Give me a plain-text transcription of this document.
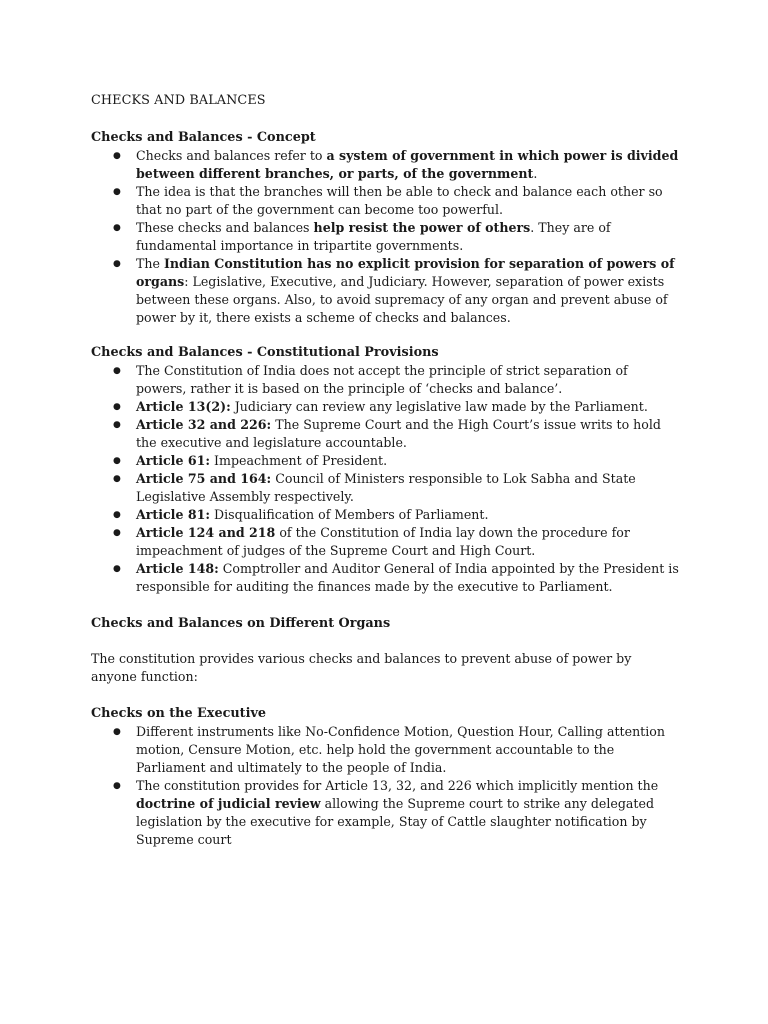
CHECKS AND BALANCES
Checks and Balances - Concept
● Checks and balances refer to a system of government in which power is divided between different branches, or parts, of the government.
● The idea is that the branches will then be able to check and balance each other so that no part of the government can become too powerful.
● These checks and balances help resist the power of others. They are of fundamental importance in tripartite governments.
● The Indian Constitution has no explicit provision for separation of powers of organs: Legislative, Executive, and Judiciary. However, separation of power exists between these organs. Also, to avoid supremacy of any organ and prevent abuse of power by it, there exists a scheme of checks and balances.
Checks and Balances - Constitutional Provisions
● The Constitution of India does not accept the principle of strict separation of powers, rather it is based on the principle of ‘checks and balance’.
● Article 13(2): Judiciary can review any legislative law made by the Parliament.
● Article 32 and 226: The Supreme Court and the High Court’s issue writs to hold the executive and legislature accountable.
● Article 61: Impeachment of President.
● Article 75 and 164: Council of Ministers responsible to Lok Sabha and State Legislative Assembly respectively.
● Article 81: Disqualification of Members of Parliament.
● Article 124 and 218 of the Constitution of India lay down the procedure for impeachment of judges of the Supreme Court and High Court.
● Article 148: Comptroller and Auditor General of India appointed by the President is responsible for auditing the finances made by the executive to Parliament.
Checks and Balances on Different Organs

The constitution provides various checks and balances to prevent abuse of power by anyone function:

Checks on the Executive
● Different instruments like No-Confidence Motion, Question Hour, Calling attention motion, Censure Motion, etc. help hold the government accountable to the Parliament and ultimately to the people of India.
● The constitution provides for Article 13, 32, and 226 which implicitly mention the doctrine of judicial review allowing the Supreme court to strike any delegated legislation by the executive for example, Stay of Cattle slaughter notification by Supreme court
